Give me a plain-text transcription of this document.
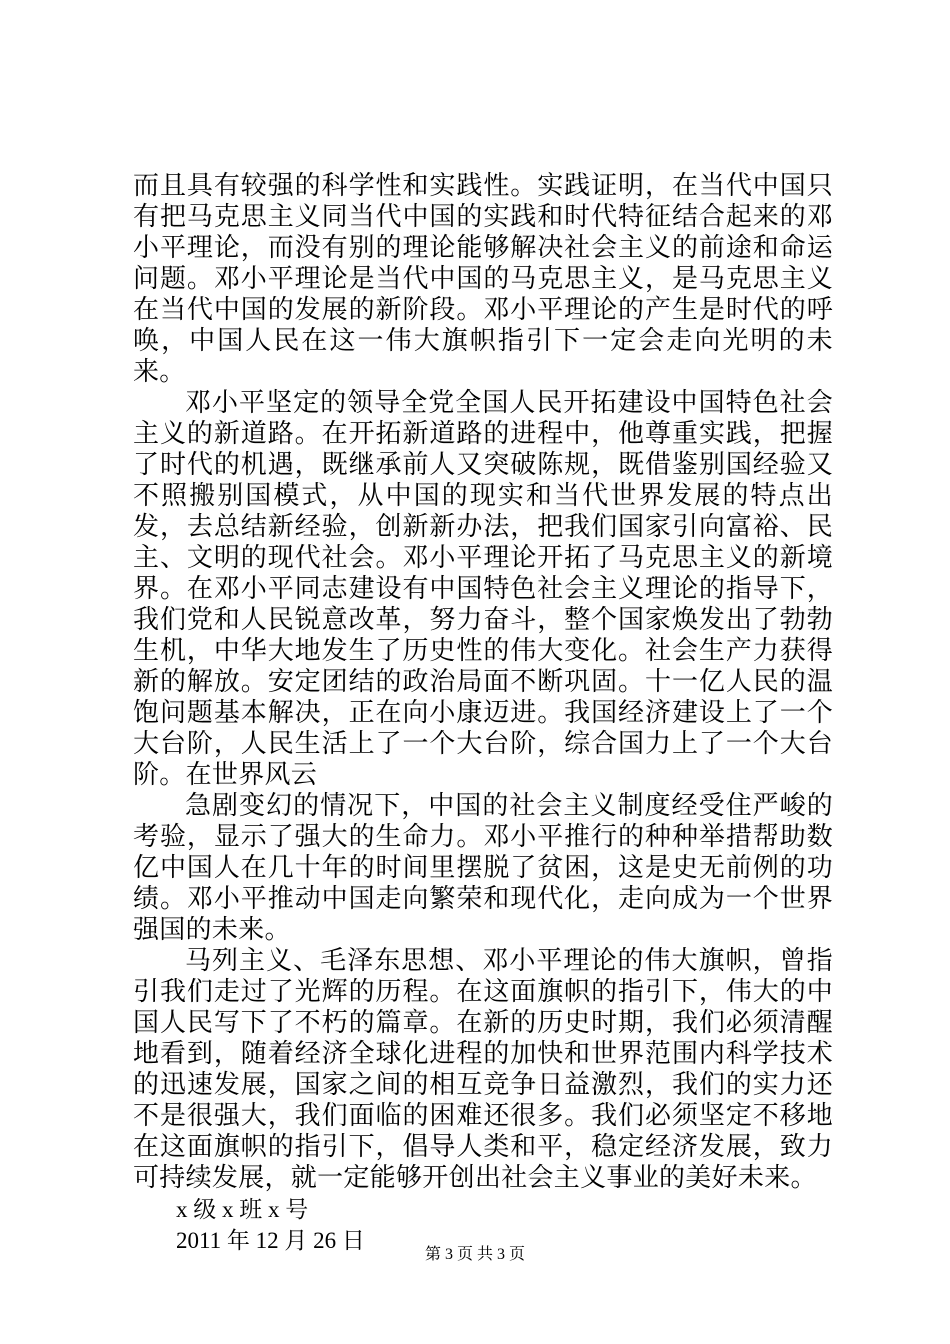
而且具有较强的科学性和实践性。实践证明，在当代中国只有把马克思主义同当代中国的实践和时代特征结合起来的邓小平理论，而没有别的理论能够解决社会主义的前途和命运问题。邓小平理论是当代中国的马克思主义，是马克思主义在当代中国的发展的新阶段。邓小平理论的产生是时代的呼唤，中国人民在这一伟大旗帜指引下一定会走向光明的未来。

邓小平坚定的领导全党全国人民开拓建设中国特色社会主义的新道路。在开拓新道路的进程中，他尊重实践，把握了时代的机遇，既继承前人又突破陈规，既借鉴别国经验又不照搬别国模式，从中国的现实和当代世界发展的特点出发，去总结新经验，创新新办法，把我们国家引向富裕、民主、文明的现代社会。邓小平理论开拓了马克思主义的新境界。在邓小平同志建设有中国特色社会主义理论的指导下，我们党和人民锐意改革，努力奋斗，整个国家焕发出了勃勃生机，中华大地发生了历史性的伟大变化。社会生产力获得新的解放。安定团结的政治局面不断巩固。十一亿人民的温饱问题基本解决，正在向小康迈进。我国经济建设上了一个大台阶，人民生活上了一个大台阶，综合国力上了一个大台阶。在世界风云

急剧变幻的情况下，中国的社会主义制度经受住严峻的考验，显示了强大的生命力。邓小平推行的种种举措帮助数亿中国人在几十年的时间里摆脱了贫困，这是史无前例的功绩。邓小平推动中国走向繁荣和现代化，走向成为一个世界强国的未来。

马列主义、毛泽东思想、邓小平理论的伟大旗帜，曾指引我们走过了光辉的历程。在这面旗帜的指引下，伟大的中国人民写下了不朽的篇章。在新的历史时期，我们必须清醒地看到，随着经济全球化进程的加快和世界范围内科学技术的迅速发展，国家之间的相互竞争日益激烈，我们的实力还不是很强大，我们面临的困难还很多。我们必须坚定不移地在这面旗帜的指引下，倡导人类和平，稳定经济发展，致力可持续发展，就一定能够开创出社会主义事业的美好未来。

x 级 x 班 x 号

2011 年 12 月 26 日

第 3 页 共 3 页
